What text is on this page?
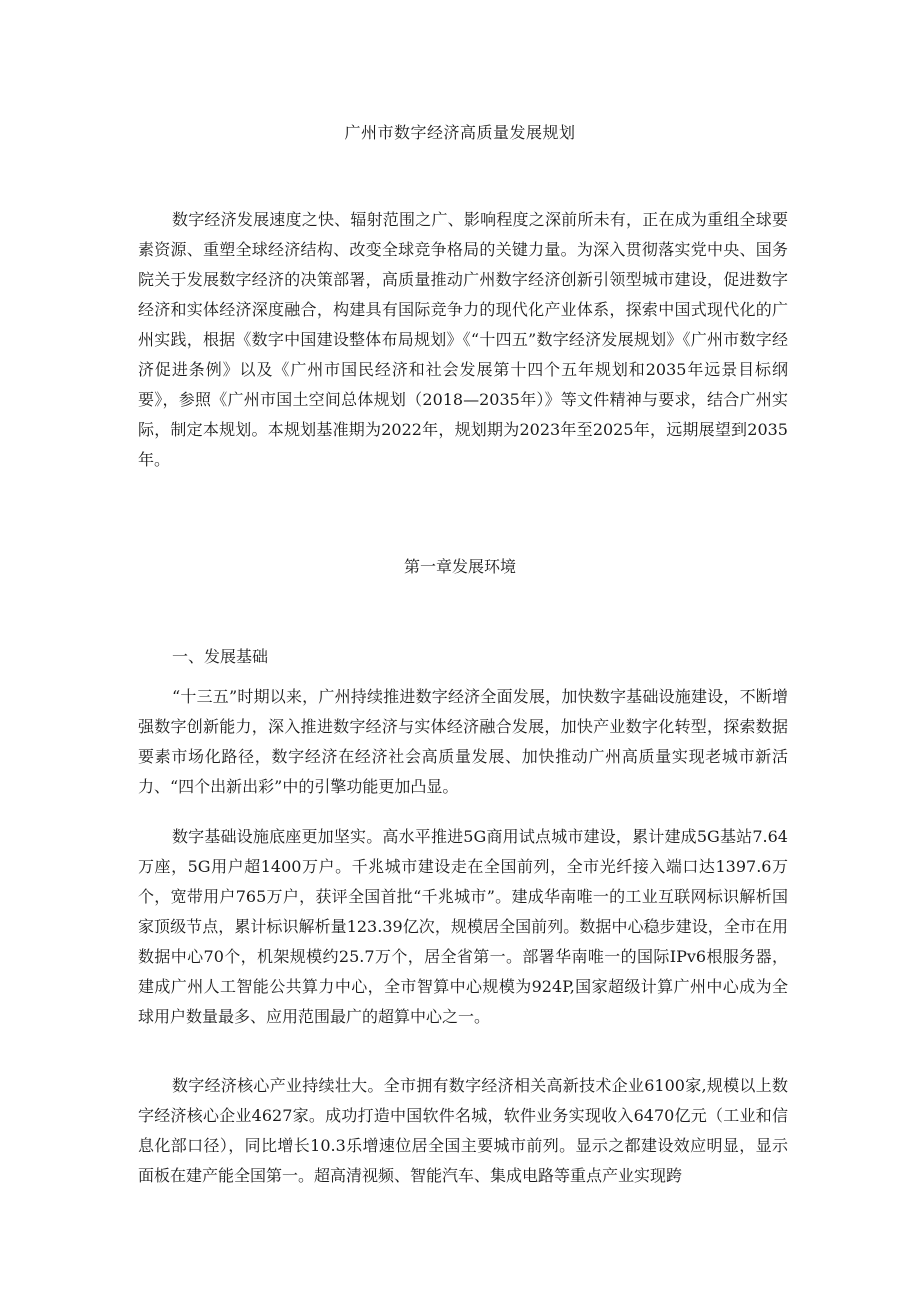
广州市数字经济高质量发展规划

数字经济发展速度之快、辐射范围之广、影响程度之深前所未有，正在成为重组全球要素资源、重塑全球经济结构、改变全球竞争格局的关键力量。为深入贯彻落实党中央、国务院关于发展数字经济的决策部署，高质量推动广州数字经济创新引领型城市建设，促进数字经济和实体经济深度融合，构建具有国际竞争力的现代化产业体系，探索中国式现代化的广州实践，根据《数字中国建设整体布局规划》《“十四五”数字经济发展规划》《广州市数字经济促进条例》以及《广州市国民经济和社会发展第十四个五年规划和2035年远景目标纲要》，参照《广州市国土空间总体规划（2018—2035年）》等文件精神与要求，结合广州实际，制定本规划。本规划基准期为2022年，规划期为2023年至2025年，远期展望到2035年。

第一章发展环境
一、发展基础

“十三五”时期以来，广州持续推进数字经济全面发展，加快数字基础设施建设，不断增强数字创新能力，深入推进数字经济与实体经济融合发展，加快产业数字化转型，探索数据要素市场化路径，数字经济在经济社会高质量发展、加快推动广州高质量实现老城市新活力、“四个出新出彩”中的引擎功能更加凸显。

数字基础设施底座更加坚实。高水平推进5G商用试点城市建设，累计建成5G基站7.64万座，5G用户超1400万户。千兆城市建设走在全国前列，全市光纤接入端口达1397.6万个，宽带用户765万户，获评全国首批“千兆城市”。建成华南唯一的工业互联网标识解析国家顶级节点，累计标识解析量123.39亿次，规模居全国前列。数据中心稳步建设，全市在用数据中心70个，机架规模约25.7万个，居全省第一。部署华南唯一的国际IPv6根服务器，建成广州人工智能公共算力中心，全市智算中心规模为924P,国家超级计算广州中心成为全球用户数量最多、应用范围最广的超算中心之一。

数字经济核心产业持续壮大。全市拥有数字经济相关高新技术企业6100家,规模以上数字经济核心企业4627家。成功打造中国软件名城，软件业务实现收入6470亿元（工业和信息化部口径），同比增长10.3乐增速位居全国主要城市前列。显示之都建设效应明显，显示面板在建产能全国第一。超高清视频、智能汽车、集成电路等重点产业实现跨
